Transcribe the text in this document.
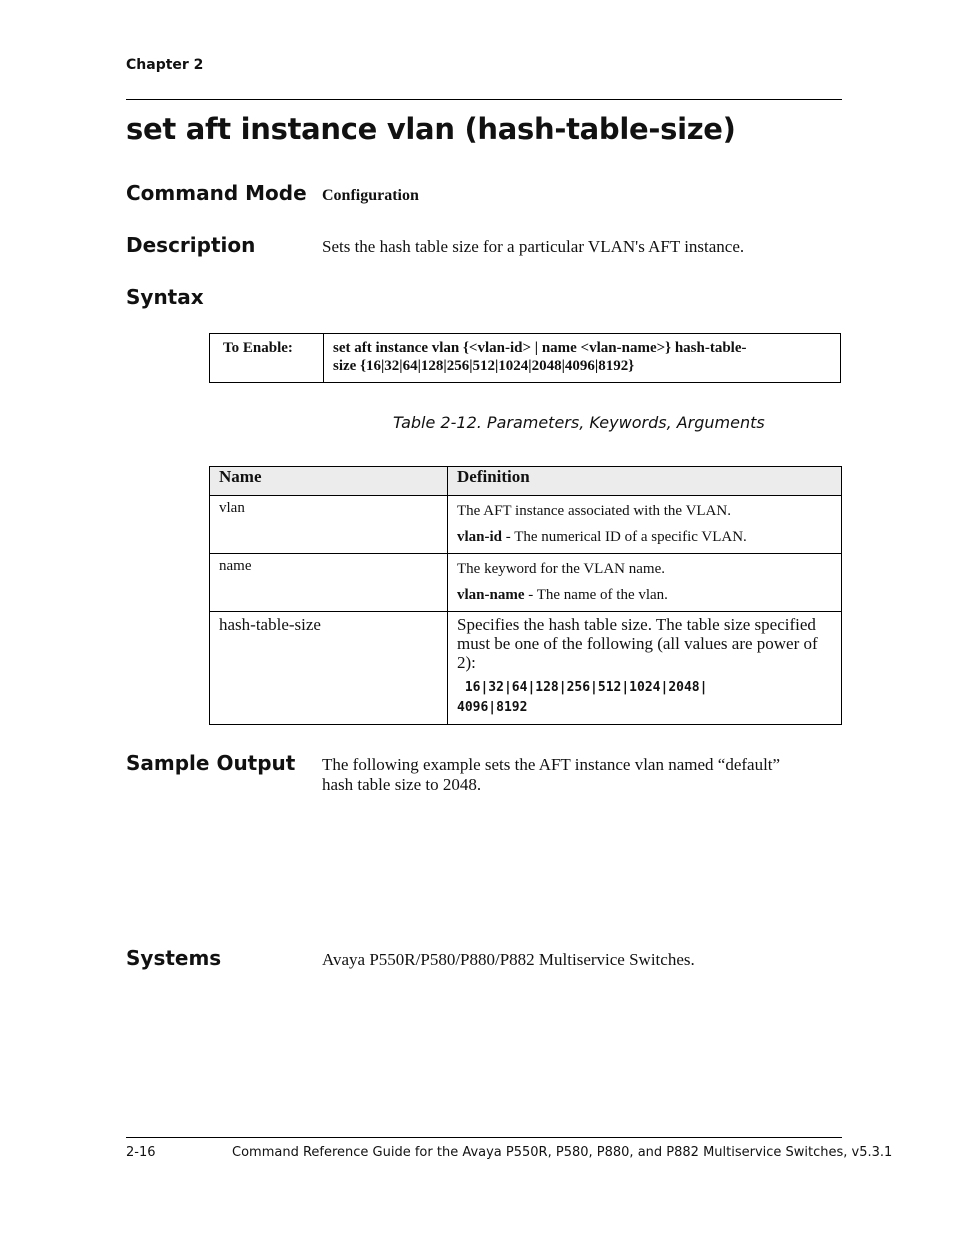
Chapter 2
set aft instance vlan (hash-table-size)
Command Mode Configuration
Description	Sets the hash table size for a particular VLAN's AFT instance.
Syntax
To Enable:	set aft instance vlan {<vlan-id> | name <vlan-name>} hash-table-
size {16|32|64|128|256|512|1024|2048|4096|8192}
Table 2-12. Parameters, Keywords, Arguments
Name	Definition
vlan	The AFT instance associated with the VLAN.

vlan-id - The numerical ID of a specific VLAN.

name	The keyword for the VLAN name.

vlan-name - The name of the vlan.

hash-table-size	Specifies the hash table size. The table size specified must be one of the following (all values are power of 2):

16|32|64|128|256|512|1024|2048|

4096|8192

Sample Output The following example sets the AFT instance vlan named “default”
hash table size to 2048.
Systems	Avaya P550R/P580/P880/P882 Multiservice Switches.
2-16	Command Reference Guide for the Avaya P550R, P580, P880, and P882 Multiservice Switches, v5.3.1
